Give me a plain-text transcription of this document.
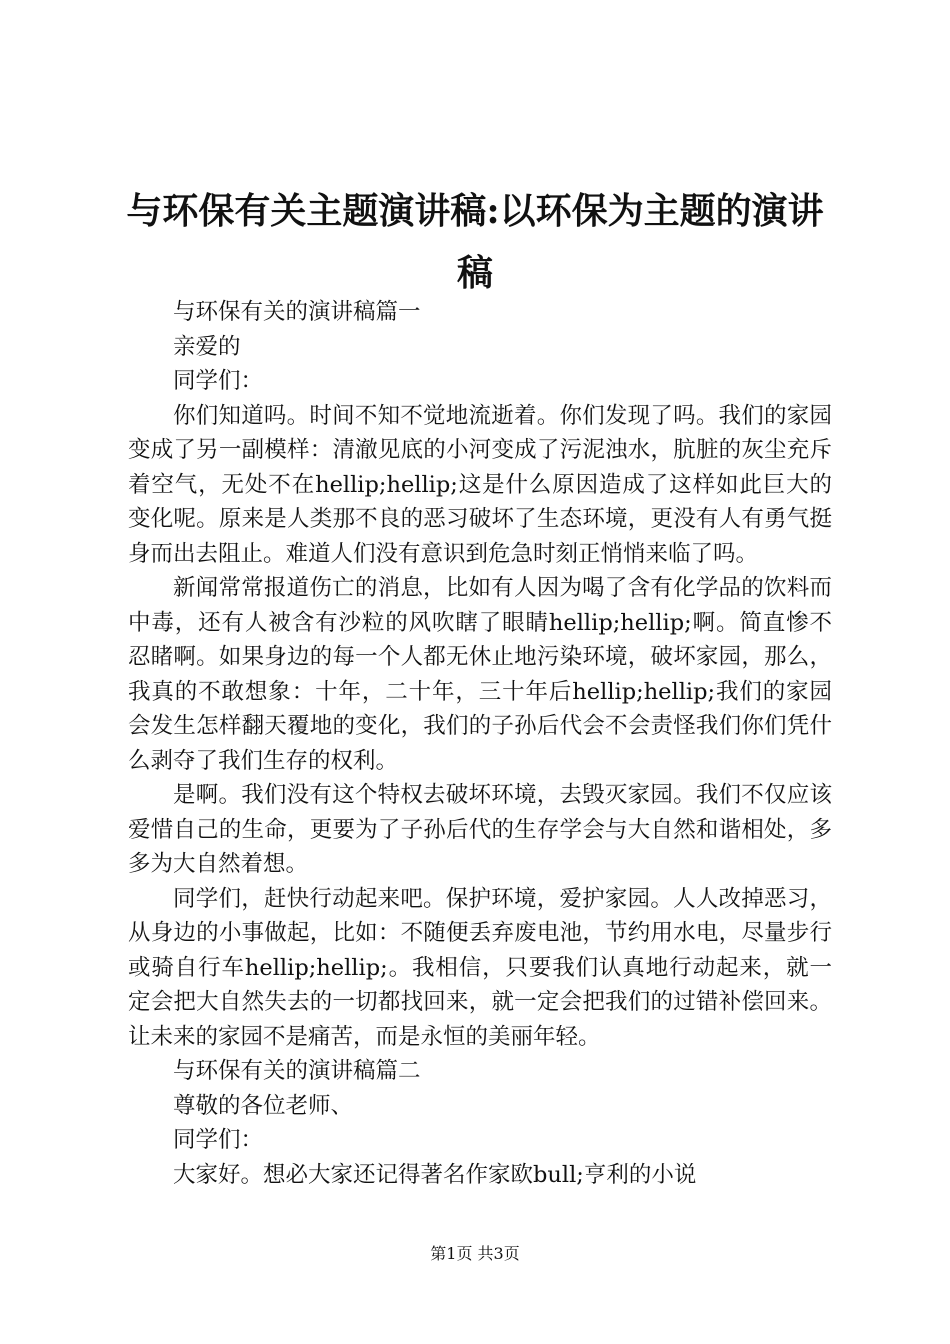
与环保有关主题演讲稿:以环保为主题的演讲稿

与环保有关的演讲稿篇一

亲爱的

同学们：

你们知道吗。时间不知不觉地流逝着。你们发现了吗。我们的家园变成了另一副模样：清澈见底的小河变成了污泥浊水，肮脏的灰尘充斥着空气，无处不在hellip;hellip;这是什么原因造成了这样如此巨大的变化呢。原来是人类那不良的恶习破坏了生态环境，更没有人有勇气挺身而出去阻止。难道人们没有意识到危急时刻正悄悄来临了吗。

新闻常常报道伤亡的消息，比如有人因为喝了含有化学品的饮料而中毒，还有人被含有沙粒的风吹瞎了眼睛hellip;hellip;啊。简直惨不忍睹啊。如果身边的每一个人都无休止地污染环境，破坏家园，那么，我真的不敢想象：十年，二十年，三十年后hellip;hellip;我们的家园会发生怎样翻天覆地的变化，我们的子孙后代会不会责怪我们你们凭什么剥夺了我们生存的权利。

是啊。我们没有这个特权去破坏环境，去毁灭家园。我们不仅应该爱惜自己的生命，更要为了子孙后代的生存学会与大自然和谐相处，多多为大自然着想。

同学们，赶快行动起来吧。保护环境，爱护家园。人人改掉恶习，从身边的小事做起，比如：不随便丢弃废电池，节约用水电，尽量步行或骑自行车hellip;hellip;。我相信，只要我们认真地行动起来，就一定会把大自然失去的一切都找回来，就一定会把我们的过错补偿回来。让未来的家园不是痛苦，而是永恒的美丽年轻。

与环保有关的演讲稿篇二

尊敬的各位老师、

同学们：

大家好。想必大家还记得著名作家欧bull;亨利的小说

第1页 共3页
